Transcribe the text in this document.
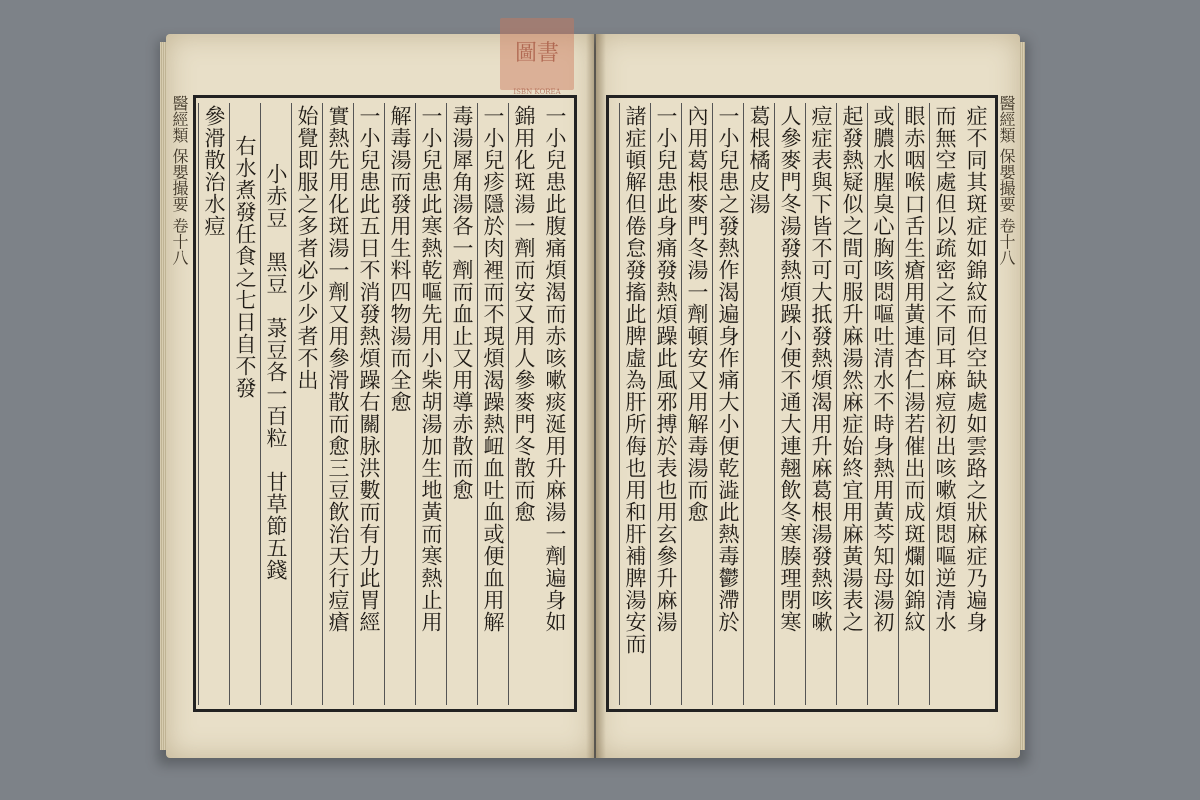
圖書
ISBN KOREA
醫經類 保嬰撮要 卷十八	醫經類 保嬰撮要 卷十八
一小兒患此腹痛煩渴而赤咳嗽痰涎用升麻湯一劑遍身如
錦用化斑湯一劑而安又用人參麥門冬散而愈
一小兒疹隱於肉裡而不現煩渴躁熱衄血吐血或便血用解
毒湯犀角湯各一劑而血止又用導赤散而愈
一小兒患此寒熱乾嘔先用小柴胡湯加生地黃而寒熱止用
解毒湯而發用生料四物湯而全愈
一小兒患此五日不消發熱煩躁右關脉洪數而有力此胃經
實熱先用化斑湯一劑又用參滑散而愈三豆飲治天行痘瘡
始覺即服之多者必少少者不出
小赤豆　黑豆　菉豆各一百粒　甘草節五錢
右水煮發任食之七日自不發
參滑散治水痘	症不同其斑症如錦紋而但空缺處如雲路之狀麻症乃遍身
而無空處但以疏密之不同耳麻痘初出咳嗽煩悶嘔逆清水
眼赤咽喉口舌生瘡用黃連杏仁湯若催出而成斑爛如錦紋
或膿水腥臭心胸咳悶嘔吐清水不時身熱用黃芩知母湯初
起發熱疑似之間可服升麻湯然麻症始終宜用麻黃湯表之
痘症表與下皆不可大抵發熱煩渴用升麻葛根湯發熱咳嗽
人參麥門冬湯發熱煩躁小便不通大連翹飲冬寒腠理閉寒
葛根橘皮湯
一小兒患之發熱作渴遍身作痛大小便乾澁此熱毒鬱滯於
內用葛根麥門冬湯一劑頓安又用解毒湯而愈
一小兒患此身痛發熱煩躁此風邪搏於表也用玄參升麻湯
諸症頓解但倦怠發搐此脾虛為肝所侮也用和肝補脾湯安而
